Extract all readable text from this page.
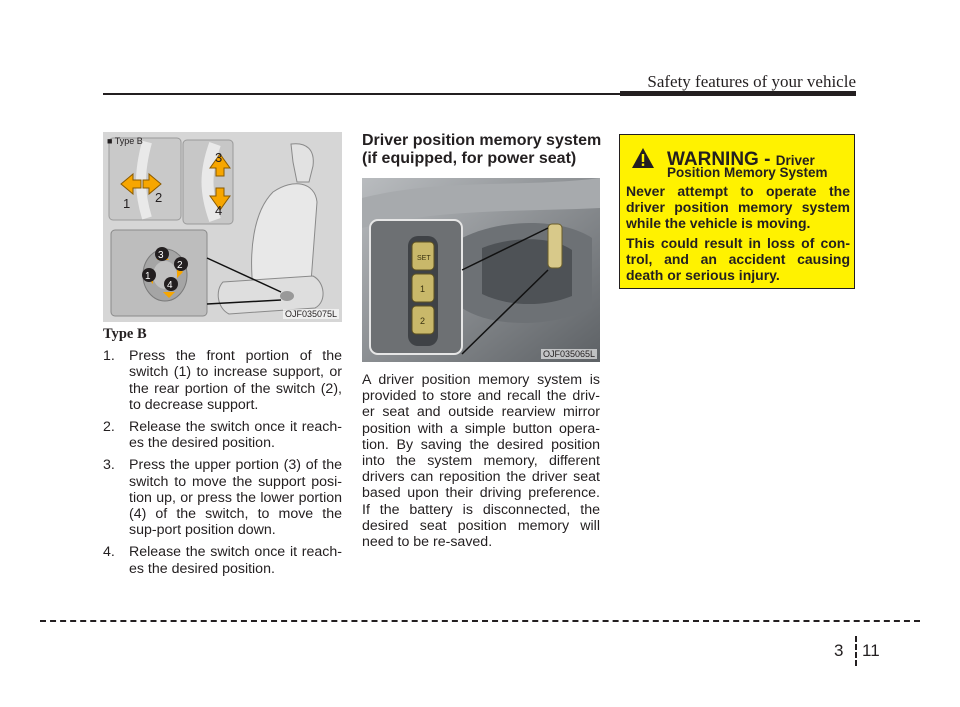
Safety features of your vehicle
■ Type B
1 2
3
4
3
2
1
4
OJF035075L
Type B
1. Press the front portion of the switch (1) to increase support, or the rear portion of the switch (2), to decrease support.
2. Release the switch once it reach-es the desired position.
3. Press the upper portion (3) of the switch to move the support posi-tion up, or press the lower portion (4) of the switch, to move the sup-port position down.
4. Release the switch once it reach-es the desired position.
Driver position memory system
(if equipped, for power seat)
SET
1
2
OJF035065L
A driver position memory system is provided to store and recall the driv-er seat and outside rearview mirror position with a simple button opera-tion. By saving the desired position into the system memory, different drivers can reposition the driver seat based upon their driving preference. If the battery is disconnected, the desired seat position memory will need to be re-saved.
WARNING - Driver
Position Memory System

Never attempt to operate the driver position memory system while the vehicle is moving.

This could result in loss of con-trol, and an accident causing death or serious injury.

3 11
